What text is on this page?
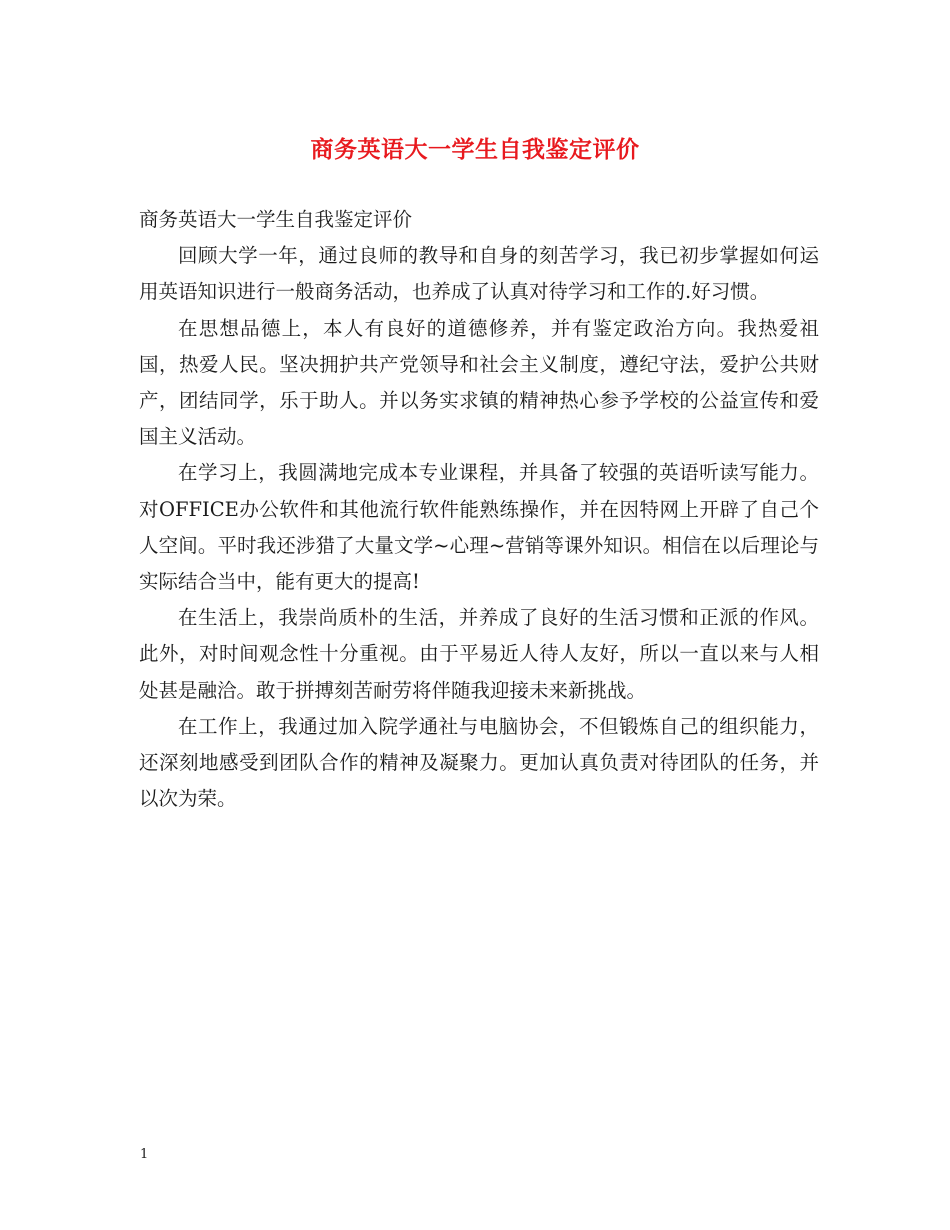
商务英语大一学生自我鉴定评价

商务英语大一学生自我鉴定评价

回顾大学一年，通过良师的教导和自身的刻苦学习，我已初步掌握如何运用英语知识进行一般商务活动，也养成了认真对待学习和工作的.好习惯。

在思想品德上，本人有良好的道德修养，并有鉴定政治方向。我热爱祖国，热爱人民。坚决拥护共产党领导和社会主义制度，遵纪守法，爱护公共财产，团结同学，乐于助人。并以务实求镇的精神热心参予学校的公益宣传和爱国主义活动。

在学习上，我圆满地完成本专业课程，并具备了较强的英语听读写能力。对OFFICE办公软件和其他流行软件能熟练操作，并在因特网上开辟了自己个人空间。平时我还涉猎了大量文学~心理~营销等课外知识。相信在以后理论与实际结合当中，能有更大的提高!

在生活上，我崇尚质朴的生活，并养成了良好的生活习惯和正派的作风。此外，对时间观念性十分重视。由于平易近人待人友好，所以一直以来与人相处甚是融洽。敢于拼搏刻苦耐劳将伴随我迎接未来新挑战。

在工作上，我通过加入院学通社与电脑协会，不但锻炼自己的组织能力，还深刻地感受到团队合作的精神及凝聚力。更加认真负责对待团队的任务，并以次为荣。

1
